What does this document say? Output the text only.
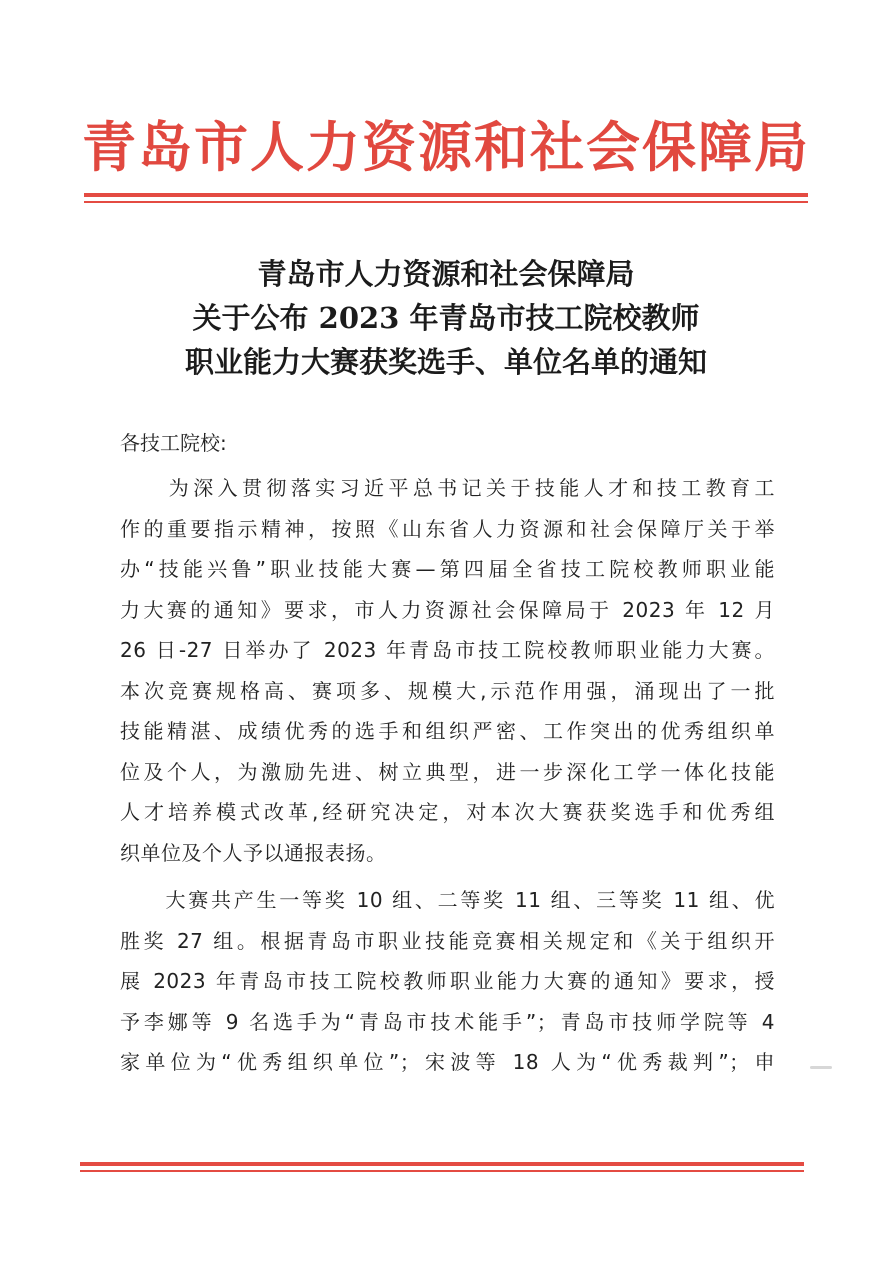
青岛市人力资源和社会保障局
青岛市人力资源和社会保障局
关于公布 2023 年青岛市技工院校教师
职业能力大赛获奖选手、单位名单的通知
各技工院校:
　　为深入贯彻落实习近平总书记关于技能人才和技工教育工
作的重要指示精神，按照《山东省人力资源和社会保障厅关于举
办“技能兴鲁”职业技能大赛—第四届全省技工院校教师职业能
力大赛的通知》要求，市人力资源社会保障局于 2023 年 12 月
26 日-27 日举办了 2023 年青岛市技工院校教师职业能力大赛。
本次竞赛规格高、赛项多、规模大,示范作用强，涌现出了一批
技能精湛、成绩优秀的选手和组织严密、工作突出的优秀组织单
位及个人，为激励先进、树立典型，进一步深化工学一体化技能
人才培养模式改革,经研究决定，对本次大赛获奖选手和优秀组
织单位及个人予以通报表扬。
　　大赛共产生一等奖 10 组、二等奖 11 组、三等奖 11 组、优
胜奖 27 组。根据青岛市职业技能竞赛相关规定和《关于组织开
展 2023 年青岛市技工院校教师职业能力大赛的通知》要求，授
予李娜等 9 名选手为“青岛市技术能手”；青岛市技师学院等 4
家单位为“优秀组织单位”；宋波等 18 人为“优秀裁判”；申
